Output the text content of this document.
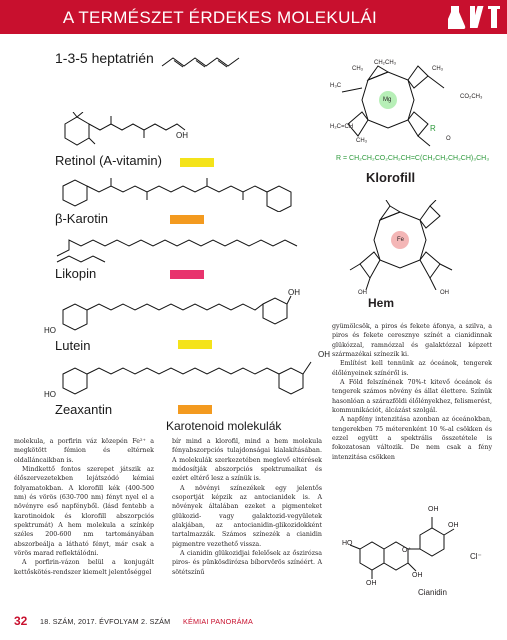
A TERMÉSZET ÉRDEKES MOLEKULÁI
1-3-5 heptatrién
OH
Retinol (A-vitamin)
β-Karotin
Likopin
OH
HO
Lutein
OH
HO
Zeaxantin
Karotenoid molekulák
Mg
CH₃
CH₂CH₃
CH₃
H₃C
CO₂CH₃
H₂C=CH
CH₃	O
R
R = CH₂CH₂CO₂CH₂CH=C(CH₂CH₂CH₂CH)₃CH₃
Klorofill
Fe
OH	OH
Hem

molekula, a porfirin váz közepén Fe²⁺ a megkötött fémion és eltérnek oldalláncaikban is.

Mindkettő fontos szerepet játszik az élőszervezetekben lejátszódó kémiai folyamatokban. A klorofill kék (400-500 nm) és vörös (630-700 nm) fényt nyel el a növényre eső napfényből. (lásd fentebb a karotinoidok és klorofill abszorpciós spektrumát) A hem molekula a színkép széles 200-600 nm tartományában abszorbeálja a látható fényt, már csak a vörös marad reflektálódni.

A porfirin-vázon belül a konjugált kettőskötés-rendszer kiemelt jelentőséggel

bír mind a klorofil, mind a hem molekula fényabszorpciós tulajdonságai kialakításában. A molekulák szerkezetében meglevő eltérések módosítják abszorpciós spektrumaikat és ezért eltérő lesz a színük is.

A növényi színezékek egy jelentős csoportját képzik az antocianidek is. A növények általában ezeket a pigmenteket glükozid- vagy galaktozid-vegyületek alakjában, az antocianidin-glikozidokként tartalmazzák. Számos színezék a cianidin pigmentre vezethető vissza.

A cianidin glükozidjai felelősek az őszirózsa piros- és pünkösdirózsa bíborvörös színéért. A sötétszínű

gyümölcsök, a piros és fekete áfonya, a szilva, a piros és fekete ceresznye színét a cianidinnak glükózzal, ramnózzal és galaktózzal képzett származékai színezik ki.

Említést kell tennünk az óceánok, tengerek élőlényeinek színéről is.

A Föld felszínének 70%-t kitevő óceánok és tengerek számos növény és állat élettere. Színük hasonlóan a szárazföldi élőlényekhez, felismerést, kommunikációt, álcázást szolgál.

A napfény intenzitása azonban az óceánokban, tengerekben 75 méterenként 10 %-al csökken és ezzel együtt a spektrális összetétele is fokozatosan változik. De nem csak a fény intenzitása csökken

OH
OH
HO
O⁺
Cl⁻
OH
OH
Cianidin
32 18. SZÁM, 2017. ÉVFOLYAM 2. SZÁM KÉMIAI PANORÁMA
